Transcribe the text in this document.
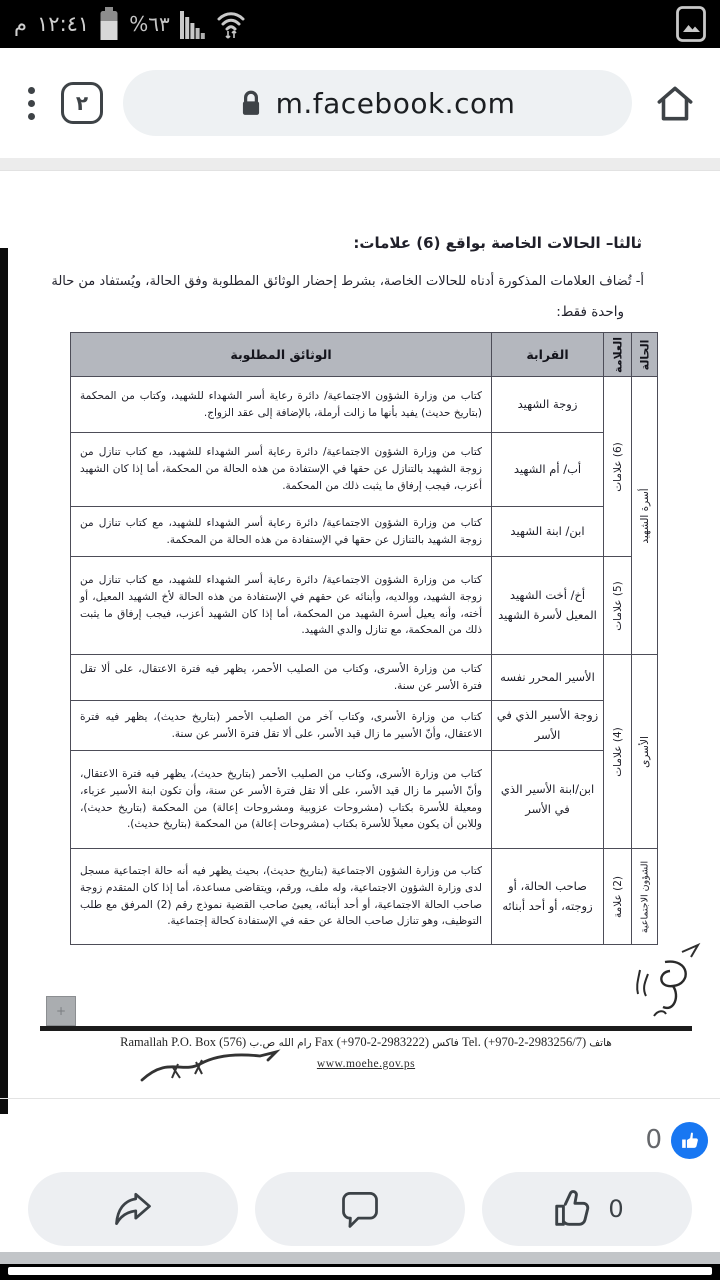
م ١٢:٤١ %٦٣
٢	m.facebook.com
ثالثا– الحالات الخاصة بواقع (6) علامات:
أ- تُضاف العلامات المذكورة أدناه للحالات الخاصة، بشرط إحضار الوثائق المطلوبة وفق الحالة، ويُستفاد من حالة
واحدة فقط:
الحالة	العلامة	القرابة	الوثائق المطلوبة

أسرة الشهيد	(6) علامات	زوجة الشهيد	كتاب من وزارة الشؤون الاجتماعية/ دائرة رعاية أسر الشهداء للشهيد، وكتاب من المحكمة (بتاريخ حديث) يفيد بأنها ما زالت أرملة، بالإضافة إلى عقد الزواج.
		أب/ أم الشهيد	كتاب من وزارة الشؤون الاجتماعية/ دائرة رعاية أسر الشهداء للشهيد، مع كتاب تنازل من زوجة الشهيد بالتنازل عن حقها في الإستفادة من هذه الحالة من المحكمة، أما إذا كان الشهيد أعزب، فيجب إرفاق ما يثبت ذلك من المحكمة.
		ابن/ ابنة الشهيد	كتاب من وزارة الشؤون الاجتماعية/ دائرة رعاية أسر الشهداء للشهيد، مع كتاب تنازل من زوجة الشهيد بالتنازل عن حقها في الإستفادة من هذه الحالة من المحكمة.

	(5) علامات	أخ/ أخت الشهيد المعيل لأسرة الشهيد	كتاب من وزارة الشؤون الاجتماعية/ دائرة رعاية أسر الشهداء للشهيد، مع كتاب تنازل من زوجة الشهيد، ووالديه، وأبنائه عن حقهم في الإستفادة من هذه الحالة لأخ الشهيد المعيل، أو أخته، وأنه يعيل أسرة الشهيد من المحكمة، أما إذا كان الشهيد أعزب، فيجب إرفاق ما يثبت ذلك من المحكمة، مع تنازل والدي الشهيد.

الأسرى	(4) علامات	الأسير المحرر نفسه	كتاب من وزارة الأسرى، وكتاب من الصليب الأحمر، يظهر فيه فترة الاعتقال، على ألا تقل فترة الأسر عن سنة.
		زوجة الأسير الذي في الأسر	كتاب من وزارة الأسرى، وكتاب آخر من الصليب الأحمر (بتاريخ حديث)، يظهر فيه فترة الاعتقال، وأنّ الأسير ما زال قيد الأسر، على ألا تقل فترة الأسر عن سنة.
		ابن/ابنة الأسير الذي في الأسر	كتاب من وزارة الأسرى، وكتاب من الصليب الأحمر (بتاريخ حديث)، يظهر فيه فترة الاعتقال، وأنّ الأسير ما زال قيد الأسر، على ألا تقل فترة الأسر عن سنة، وأن تكون ابنة الأسير عزباء، ومعيلة للأسرة بكتاب (مشروحات عزوبية ومشروحات إعالة) من المحكمة (بتاريخ حديث)، وللابن أن يكون معيلاً للأسرة بكتاب (مشروحات إعالة) من المحكمة (بتاريخ حديث).

الشؤون الاجتماعية	(2) علامة	صاحب الحالة، أو زوجته، أو أحد أبنائه	كتاب من وزارة الشؤون الاجتماعية (بتاريخ حديث)، بحيث يظهر فيه أنه حالة اجتماعية مسجل لدى وزارة الشؤون الاجتماعية، وله ملف، ورقم، ويتقاضى مساعدة، أما إذا كان المتقدم زوجة صاحب الحالة الاجتماعية، أو أحد أبنائه، يعبئ صاحب القضية نموذج رقم (2) المرفق مع طلب التوظيف، وهو تنازل صاحب الحالة عن حقه في الإستفادة كحالة إجتماعية.
+
Ramallah P.O. Box (576) رام الله ص.ب Fax (+970-2-2983222) فاكس Tel. (+970-2-2983256/7) هاتف
www.moehe.gov.ps
0
0
